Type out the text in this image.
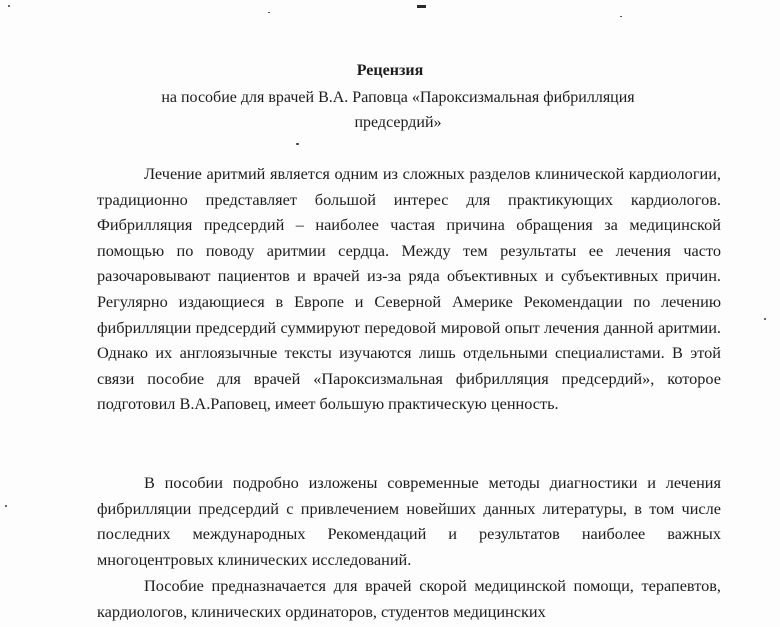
Рецензия
на пособие для врачей В.А. Раповца «Пароксизмальная фибрилляция предсердий»

Лечение аритмий является одним из сложных разделов клинической кардиологии, традиционно представляет большой интерес для практикующих кардиологов. Фибрилляция предсердий – наиболее частая причина обращения за медицинской помощью по поводу аритмии сердца. Между тем результаты ее лечения часто разочаровывают пациентов и врачей из-за ряда объективных и субъективных причин. Регулярно издающиеся в Европе и Северной Америке Рекомендации по лечению фибрилляции предсердий суммируют передовой мировой опыт лечения данной аритмии. Однако их англоязычные тексты изучаются лишь отдельными специалистами. В этой связи пособие для врачей «Пароксизмальная фибрилляция предсердий», которое подготовил В.А.Раповец, имеет большую практическую ценность.

В пособии подробно изложены современные методы диагностики и лечения фибрилляции предсердий с привлечением новейших данных литературы, в том числе последних международных Рекомендаций и результатов наиболее важных многоцентровых клинических исследований.

Пособие предназначается для врачей скорой медицинской помощи, терапевтов, кардиологов, клинических ординаторов, студентов медицинских
